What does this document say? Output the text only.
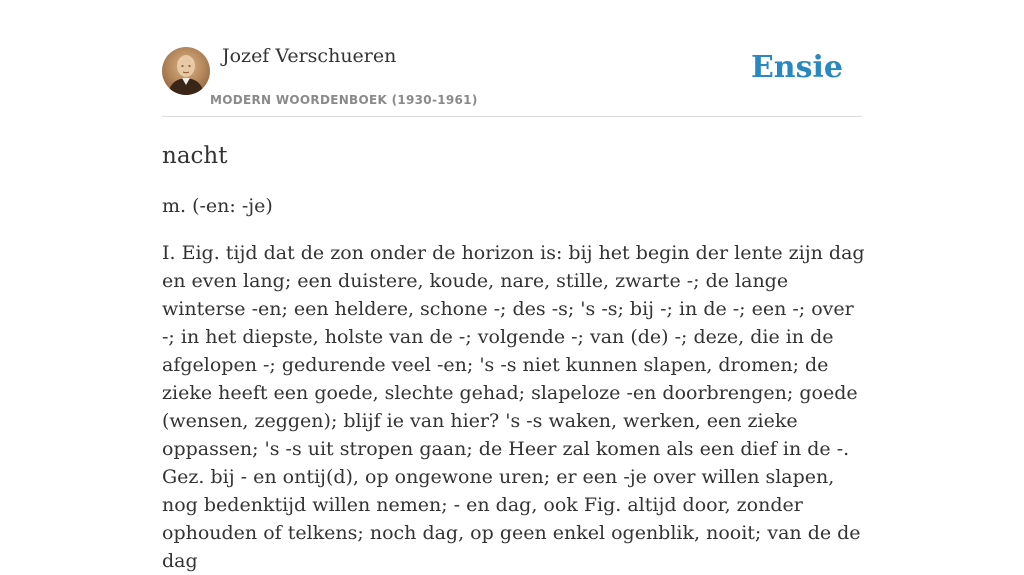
Jozef Verschueren
MODERN WOORDENBOEK (1930-1961)
Ensie
nacht

m. (-en: -je)

I. Eig. tijd dat de zon onder de horizon is: bij het begin der lente zijn dag en even lang; een duistere, koude, nare, stille, zwarte -; de lange winterse -en; een heldere, schone -; des -s; 's -s; bij -; in de -; een -; over -; in het diepste, holste van de -; volgende -; van (de) -; deze, die in de afgelopen -; gedurende veel -en; 's -s niet kunnen slapen, dromen; de zieke heeft een goede, slechte gehad; slapeloze -en doorbrengen; goede (wensen, zeggen); blijf ie van hier? 's -s waken, werken, een zieke oppassen; 's -s uit stropen gaan; de Heer zal komen als een dief in de -. Gez. bij - en ontij(d), op ongewone uren; er een -je over willen slapen, nog bedenktijd willen nemen; - en dag, ook Fig. altijd door, zonder ophouden of telkens; noch dag, op geen enkel ogenblik, nooit; van de de dag
